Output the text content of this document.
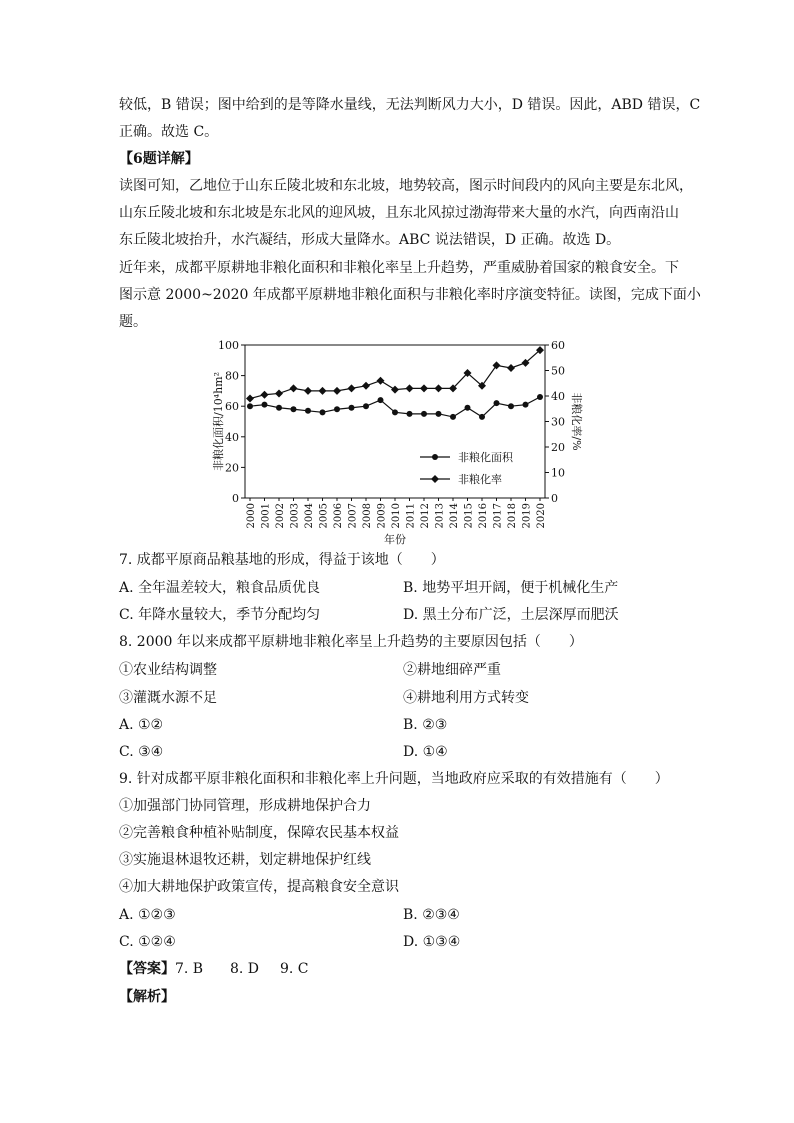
较低，B 错误；图中给到的是等降水量线，无法判断风力大小，D 错误。因此，ABD 错误，C
正确。故选 C。
【6题详解】
读图可知，乙地位于山东丘陵北坡和东北坡，地势较高，图示时间段内的风向主要是东北风，
山东丘陵北坡和东北坡是东北风的迎风坡，且东北风掠过渤海带来大量的水汽，向西南沿山
东丘陵北坡抬升，水汽凝结，形成大量降水。ABC 说法错误，D 正确。故选 D。
近年来，成都平原耕地非粮化面积和非粮化率呈上升趋势，严重威胁着国家的粮食安全。下
图示意 2000~2020 年成都平原耕地非粮化面积与非粮化率时序演变特征。读图，完成下面小
题。
0
20
40
60
80
100
0
10
20
30
40
50
60
2000 2001 2002 2003 2004 2005 2006 2007 2008 2009 2010 2011 2012 2013 2014 2015 2016 2017 2018 2019 2020
年份
非粮化面积/10⁴hm²	非粮化率/%
非粮化面积
非粮化率
7. 成都平原商品粮基地的形成，得益于该地（　　）
A. 全年温差较大，粮食品质优良	B. 地势平坦开阔，便于机械化生产
C. 年降水量较大，季节分配均匀	D. 黑土分布广泛，土层深厚而肥沃
8. 2000 年以来成都平原耕地非粮化率呈上升趋势的主要原因包括（　　）
①农业结构调整	②耕地细碎严重
③灌溉水源不足	④耕地利用方式转变
A. ①②	B. ②③
C. ③④	D. ①④
9. 针对成都平原非粮化面积和非粮化率上升问题，当地政府应采取的有效措施有（　　）
①加强部门协同管理，形成耕地保护合力
②完善粮食种植补贴制度，保障农民基本权益
③实施退林退牧还耕，划定耕地保护红线
④加大耕地保护政策宣传，提高粮食安全意识
A. ①②③	B. ②③④
C. ①②④	D. ①③④
【答案】 7. B 8. D 9. C
【解析】
